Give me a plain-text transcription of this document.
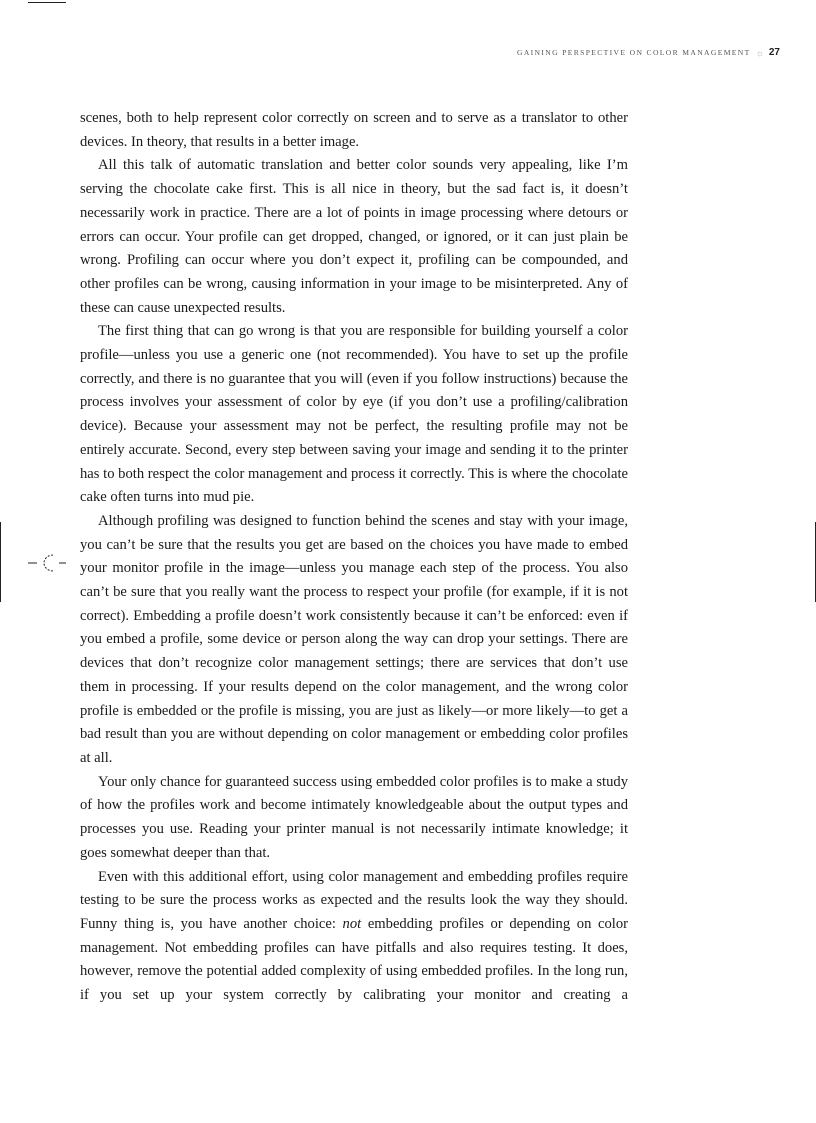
GAINING PERSPECTIVE ON COLOR MANAGEMENT ☼ 27

scenes, both to help represent color correctly on screen and to serve as a translator to other devices. In theory, that results in a better image.

All this talk of automatic translation and better color sounds very appealing, like I’m serving the chocolate cake first. This is all nice in theory, but the sad fact is, it doesn’t necessarily work in practice. There are a lot of points in image processing where detours or errors can occur. Your profile can get dropped, changed, or ignored, or it can just plain be wrong. Profiling can occur where you don’t expect it, profiling can be compounded, and other profiles can be wrong, causing information in your image to be misinterpreted. Any of these can cause unexpected results.

The first thing that can go wrong is that you are responsible for building yourself a color profile—unless you use a generic one (not recommended). You have to set up the profile correctly, and there is no guarantee that you will (even if you follow instructions) because the process involves your assessment of color by eye (if you don’t use a profiling/​calibration device). Because your assessment may not be perfect, the resulting profile may not be entirely accurate. Second, every step between saving your image and sending it to the printer has to both respect the color management and process it correctly. This is where the chocolate cake often turns into mud pie.

Although profiling was designed to function behind the scenes and stay with your image, you can’t be sure that the results you get are based on the choices you have made to embed your monitor profile in the image—unless you manage each step of the process. You also can’t be sure that you really want the process to respect your profile (for example, if it is not correct). Embedding a profile doesn’t work consistently because it can’t be enforced: even if you embed a profile, some device or person along the way can drop your settings. There are devices that don’t recognize color management settings; there are services that don’t use them in processing. If your results depend on the color management, and the wrong color profile is embedded or the profile is missing, you are just as likely—or more likely—to get a bad result than you are without depending on color management or embedding color profiles at all.

Your only chance for guaranteed success using embedded color profiles is to make a study of how the profiles work and become intimately knowledgeable about the output types and processes you use. Reading your printer manual is not necessarily intimate knowledge; it goes somewhat deeper than that.

Even with this additional effort, using color management and embedding profiles require testing to be sure the process works as expected and the results look the way they should. Funny thing is, you have another choice: not embedding profiles or depending on color management. Not embedding profiles can have pitfalls and also requires testing. It does, however, remove the potential added complexity of using embedded profiles. In the long run, if you set up your system correctly by calibrating your monitor and creating a
